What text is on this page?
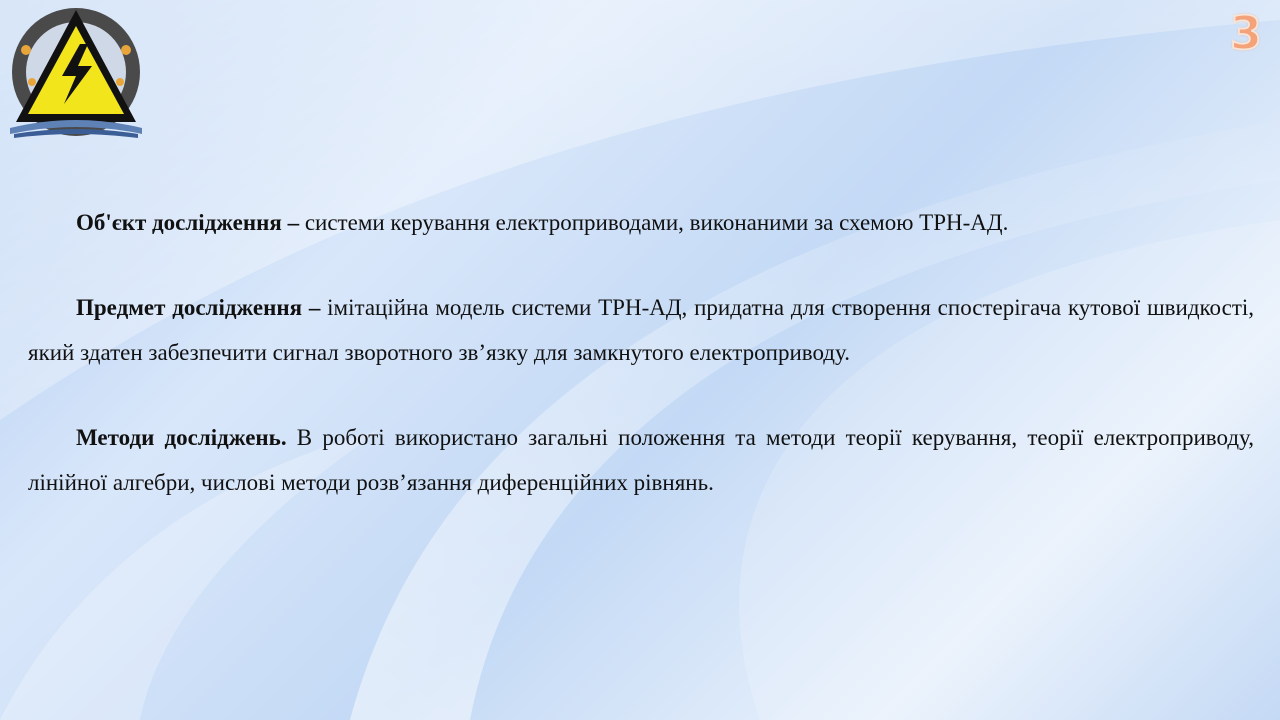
3

Об'єкт дослідження – системи керування електроприводами, виконаними за схемою ТРН-АД.

Предмет дослідження – імітаційна модель системи ТРН-АД, придатна для створення спостерігача кутової швидкості, який здатен забезпечити сигнал зворотного зв’язку для замкнутого електроприводу.

Методи досліджень. В роботі використано загальні положення та методи теорії керування, теорії електроприводу, лінійної алгебри, числові методи розв’язання диференційних рівнянь.
